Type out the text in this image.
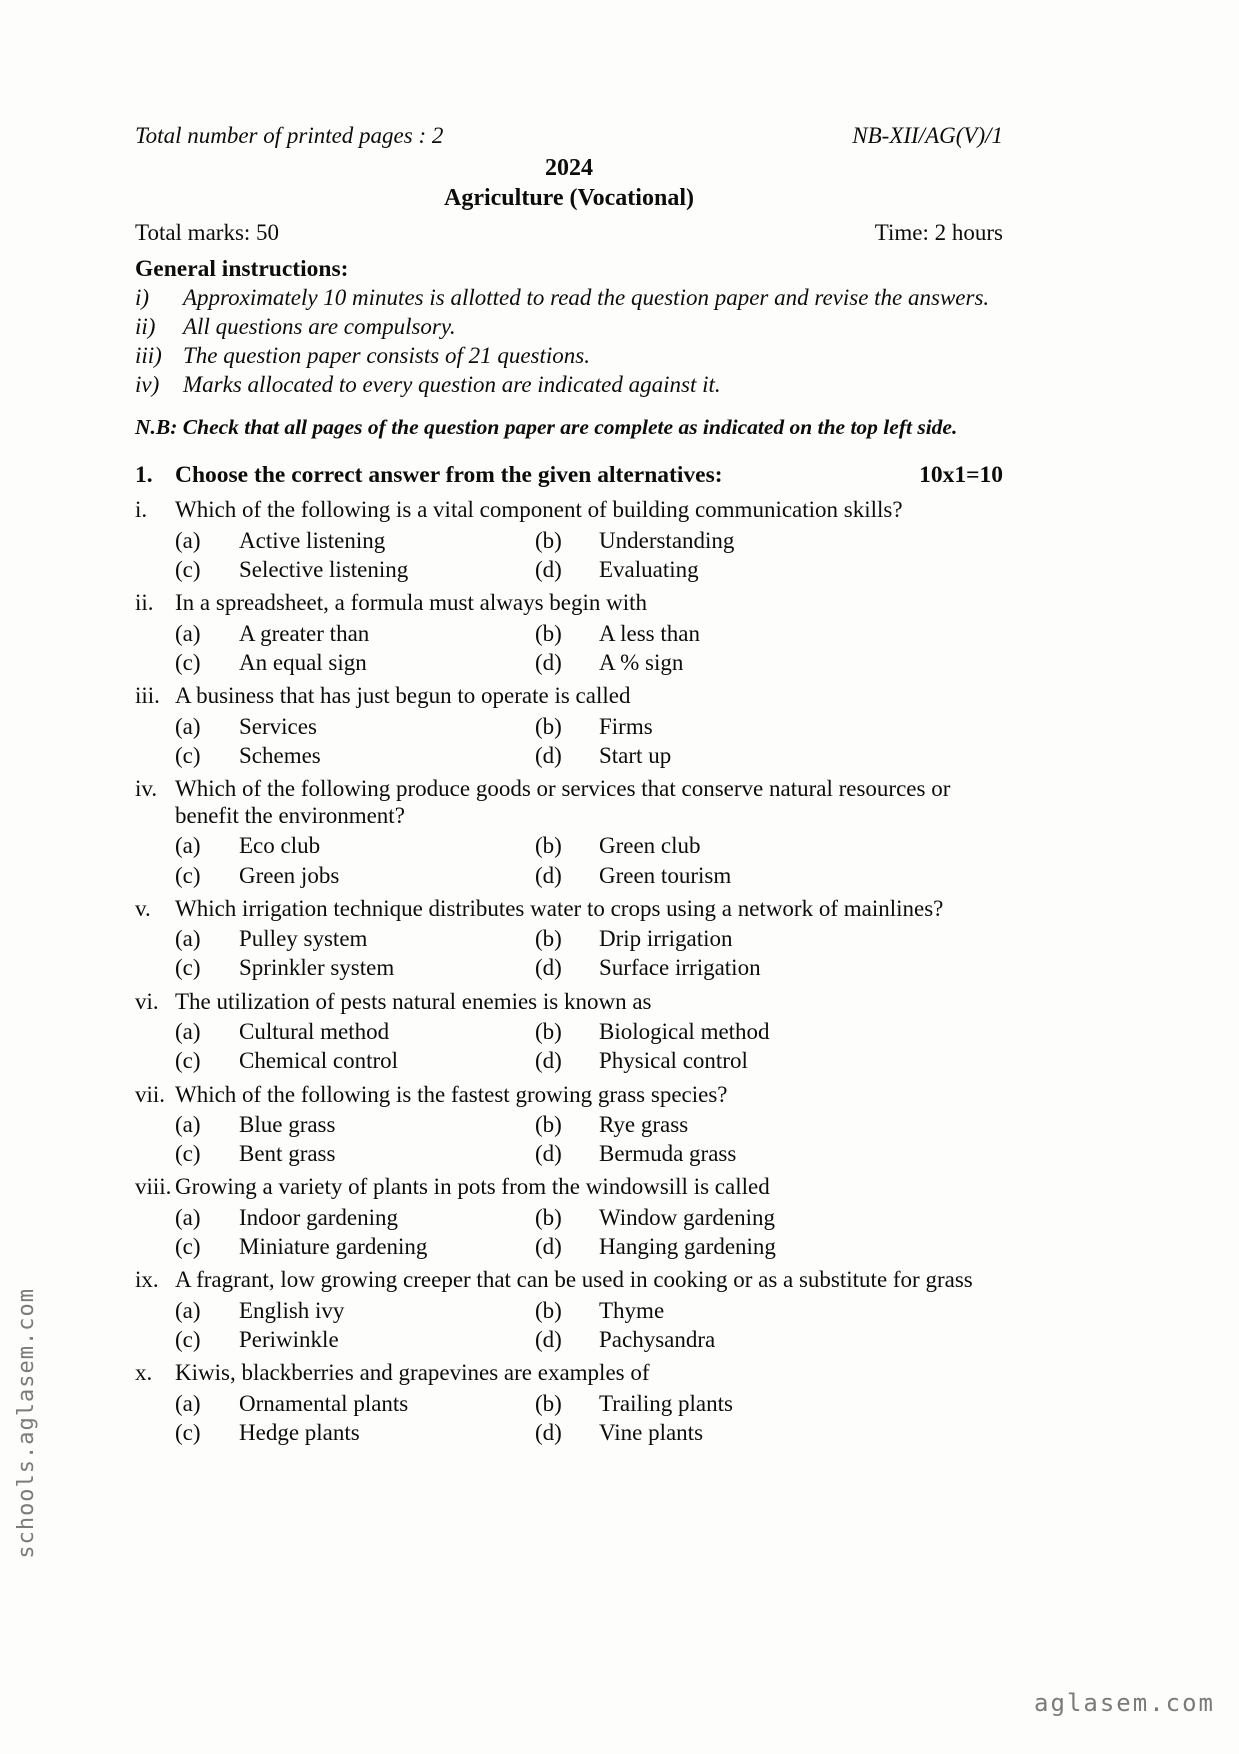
Total number of printed pages : 2	NB-XII/AG(V)/1
2024
Agriculture (Vocational)
Total marks: 50	Time: 2 hours
General instructions:
i)	Approximately 10 minutes is allotted to read the question paper and revise the answers.
ii)	All questions are compulsory.
iii) The question paper consists of 21 questions.
iv)	Marks allocated to every question are indicated against it.
N.B: Check that all pages of the question paper are complete as indicated on the top left side.
1. Choose the correct answer from the given alternatives:	10x1=10
i.	Which of the following is a vital component of building communication skills?
(a)	Active listening	(b)	Understanding
(c)	Selective listening	(d)	Evaluating
ii. In a spreadsheet, a formula must always begin with
(a)	A greater than	(b)	A less than
(c)	An equal sign	(d)	A % sign
iii. A business that has just begun to operate is called
(a)	Services	(b)	Firms
(c)	Schemes	(d)	Start up
iv. Which of the following produce goods or services that conserve natural resources or benefit the environment?
(a)	Eco club	(b)	Green club
(c)	Green jobs	(d)	Green tourism
v.	Which irrigation technique distributes water to crops using a network of mainlines?
(a)	Pulley system	(b)	Drip irrigation
(c)	Sprinkler system	(d)	Surface irrigation
vi. The utilization of pests natural enemies is known as
(a)	Cultural method	(b)	Biological method
(c)	Chemical control	(d)	Physical control
vii. Which of the following is the fastest growing grass species?
(a)	Blue grass	(b)	Rye grass
(c)	Bent grass	(d)	Bermuda grass
viii. Growing a variety of plants in pots from the windowsill is called
(a)	Indoor gardening	(b)	Window gardening
(c)	Miniature gardening	(d)	Hanging gardening
ix. A fragrant, low growing creeper that can be used in cooking or as a substitute for grass
(a)	English ivy	(b)	Thyme
(c)	Periwinkle	(d)	Pachysandra
x. Kiwis, blackberries and grapevines are examples of
(a)	Ornamental plants	(b)	Trailing plants
(c)	Hedge plants	(d)	Vine plants
schools.aglasem.com
aglasem.com
